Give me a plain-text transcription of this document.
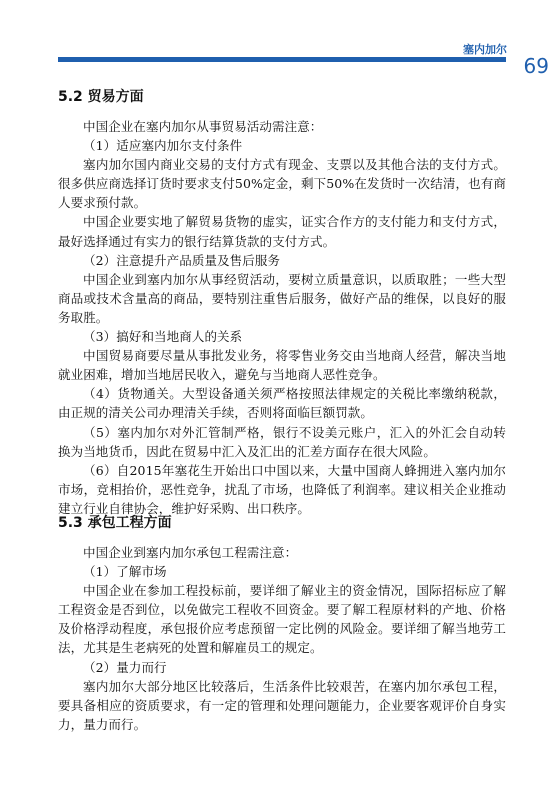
塞内加尔
69
5.2 贸易方面

中国企业在塞内加尔从事贸易活动需注意：

（1）适应塞内加尔支付条件

塞内加尔国内商业交易的支付方式有现金、支票以及其他合法的支付方式。很多供应商选择订货时要求支付50%定金，剩下50%在发货时一次结清，也有商人要求预付款。

中国企业要实地了解贸易货物的虚实，证实合作方的支付能力和支付方式，最好选择通过有实力的银行结算货款的支付方式。

（2）注意提升产品质量及售后服务

中国企业到塞内加尔从事经贸活动，要树立质量意识，以质取胜；一些大型商品或技术含量高的商品，要特别注重售后服务，做好产品的维保，以良好的服务取胜。

（3）搞好和当地商人的关系

中国贸易商要尽量从事批发业务，将零售业务交由当地商人经营，解决当地就业困难，增加当地居民收入，避免与当地商人恶性竞争。

（4）货物通关。大型设备通关须严格按照法律规定的关税比率缴纳税款，由正规的清关公司办理清关手续，否则将面临巨额罚款。

（5）塞内加尔对外汇管制严格，银行不设美元账户，汇入的外汇会自动转换为当地货币，因此在贸易中汇入及汇出的汇差方面存在很大风险。

（6）自2015年塞花生开始出口中国以来，大量中国商人蜂拥进入塞内加尔市场，竞相抬价，恶性竞争，扰乱了市场，也降低了利润率。建议相关企业推动建立行业自律协会，维护好采购、出口秩序。

5.3 承包工程方面

中国企业到塞内加尔承包工程需注意：

（1）了解市场

中国企业在参加工程投标前，要详细了解业主的资金情况，国际招标应了解工程资金是否到位，以免做完工程收不回资金。要了解工程原材料的产地、价格及价格浮动程度，承包报价应考虑预留一定比例的风险金。要详细了解当地劳工法，尤其是生老病死的处置和解雇员工的规定。

（2）量力而行

塞内加尔大部分地区比较落后，生活条件比较艰苦，在塞内加尔承包工程，要具备相应的资质要求，有一定的管理和处理问题能力，企业要客观评价自身实力，量力而行。
